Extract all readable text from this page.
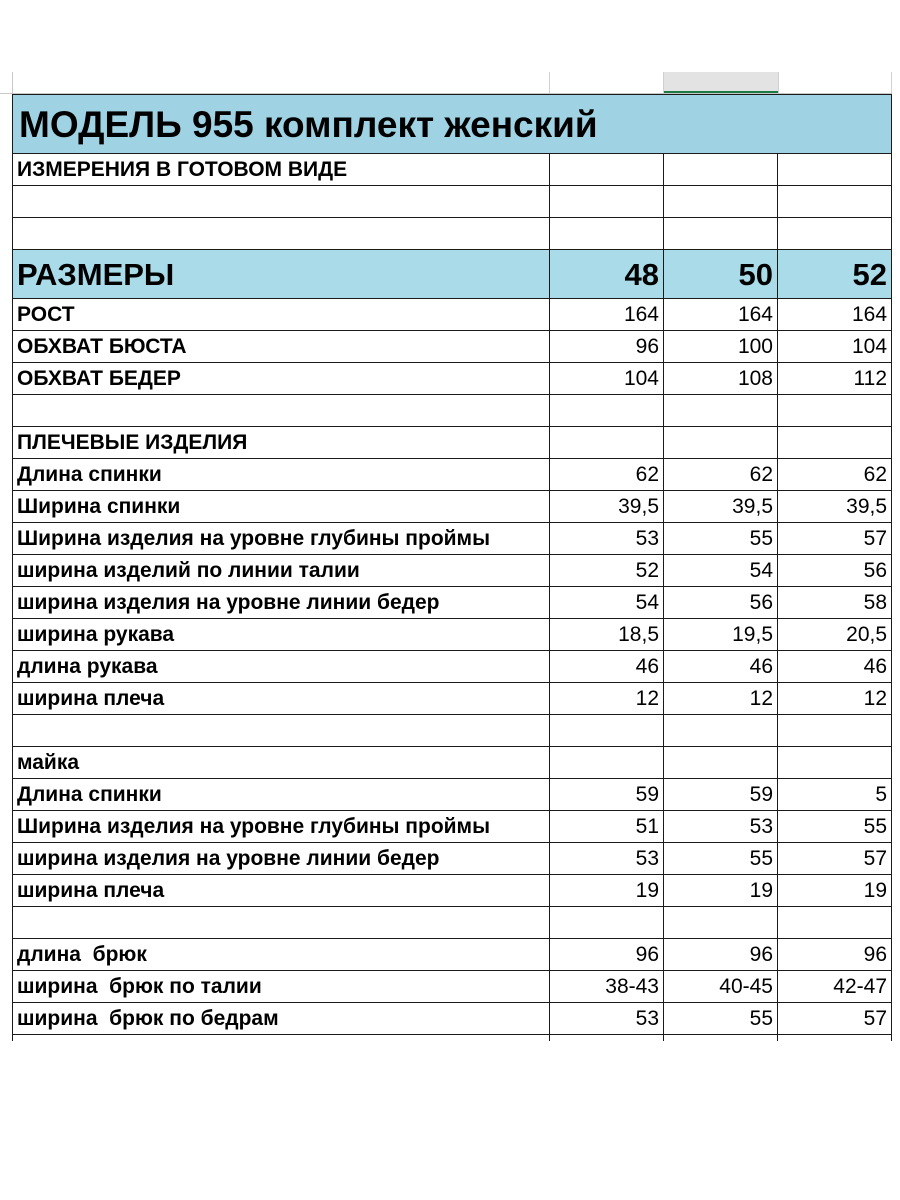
МОДЕЛЬ 955 комплект женский			
ИЗМЕРЕНИЯ В ГОТОВОМ ВИДЕ			

РАЗМЕРЫ	48	50	52
РОСТ	164	164	164
ОБХВАТ БЮСТА	96	100	104
ОБХВАТ БЕДЕР	104	108	112

ПЛЕЧЕВЫЕ ИЗДЕЛИЯ			
Длина спинки	62	62	62
Ширина спинки	39,5	39,5	39,5
Ширина изделия на уровне глубины проймы	53	55	57
ширина изделий по линии талии	52	54	56
ширина изделия на уровне линии бедер	54	56	58
ширина рукава	18,5	19,5	20,5
длина рукава	46	46	46
ширина плеча	12	12	12

майка			
Длина спинки	59	59	5
Ширина изделия на уровне глубины проймы	51	53	55
ширина изделия на уровне линии бедер	53	55	57
ширина плеча	19	19	19

длина  брюк	96	96	96
ширина  брюк по талии	38-43	40-45	42-47
ширина  брюк по бедрам	53	55	57
